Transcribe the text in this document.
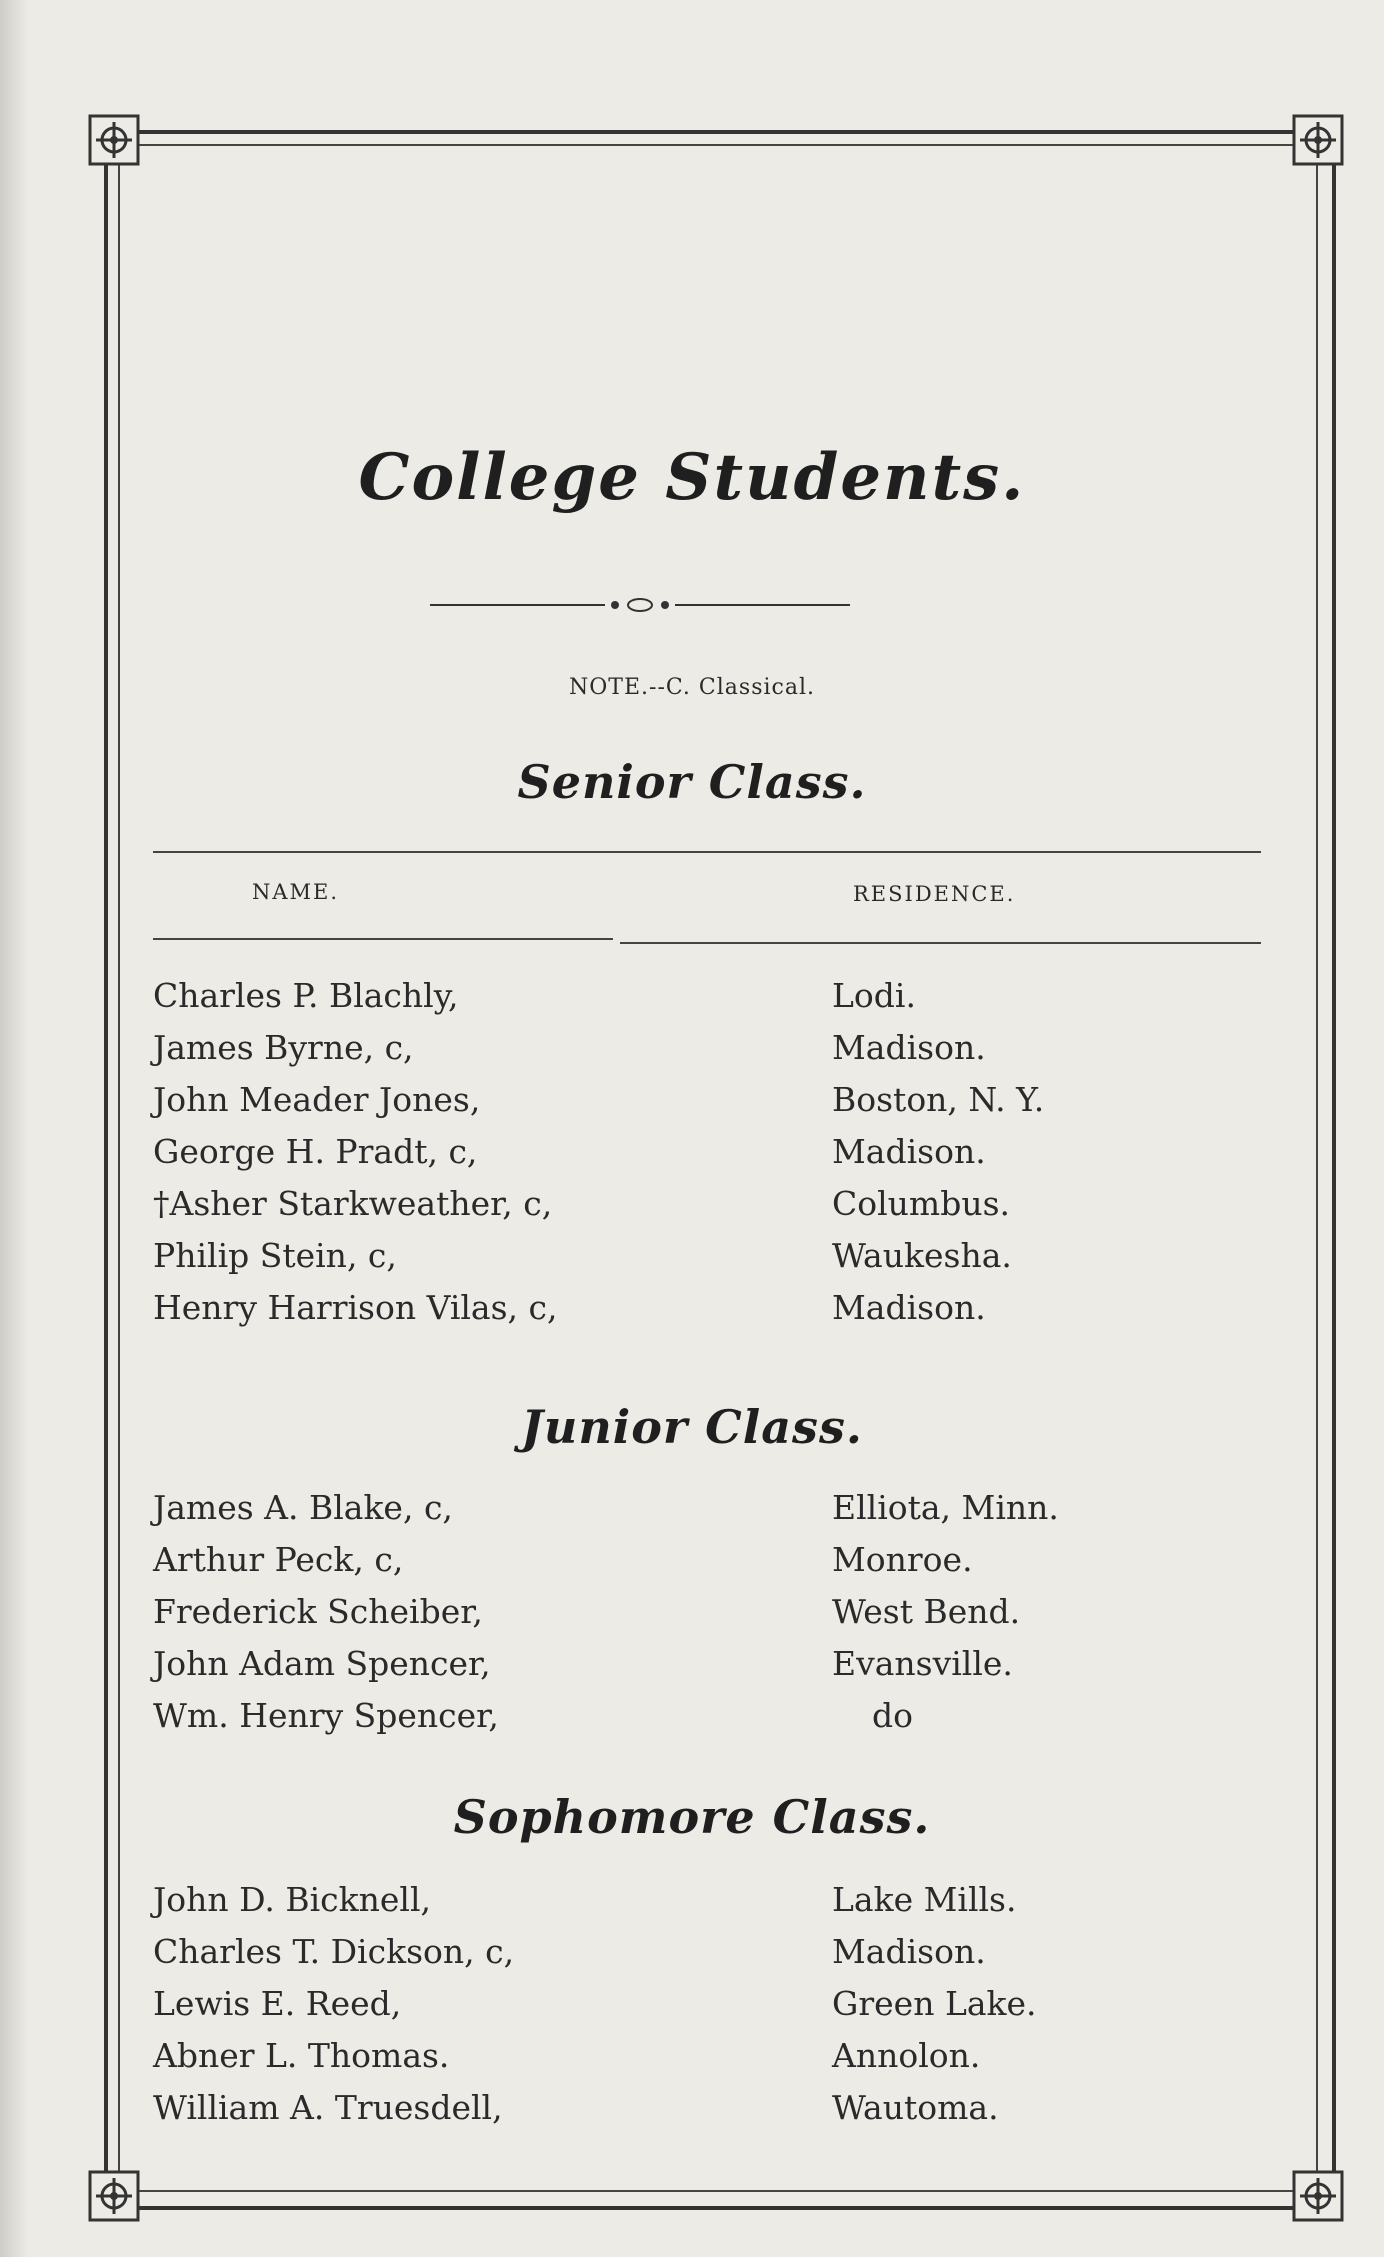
College Students.
NOTE.--C. Classical.
Senior Class.
NAME.	RESIDENCE.
Charles P. Blachly,	Lodi.
James Byrne, c,	Madison.
John Meader Jones,	Boston, N. Y.
George H. Pradt, c,	Madison.
†Asher Starkweather, c,	Columbus.
Philip Stein, c,	Waukesha.
Henry Harrison Vilas, c,	Madison.
Junior Class.
James A. Blake, c,	Elliota, Minn.
Arthur Peck, c,	Monroe.
Frederick Scheiber,	West Bend.
John Adam Spencer,	Evansville.
Wm. Henry Spencer,	do
Sophomore Class.
John D. Bicknell,	Lake Mills.
Charles T. Dickson, c,	Madison.
Lewis E. Reed,	Green Lake.
Abner L. Thomas.	Annolon.
William A. Truesdell,	Wautoma.
